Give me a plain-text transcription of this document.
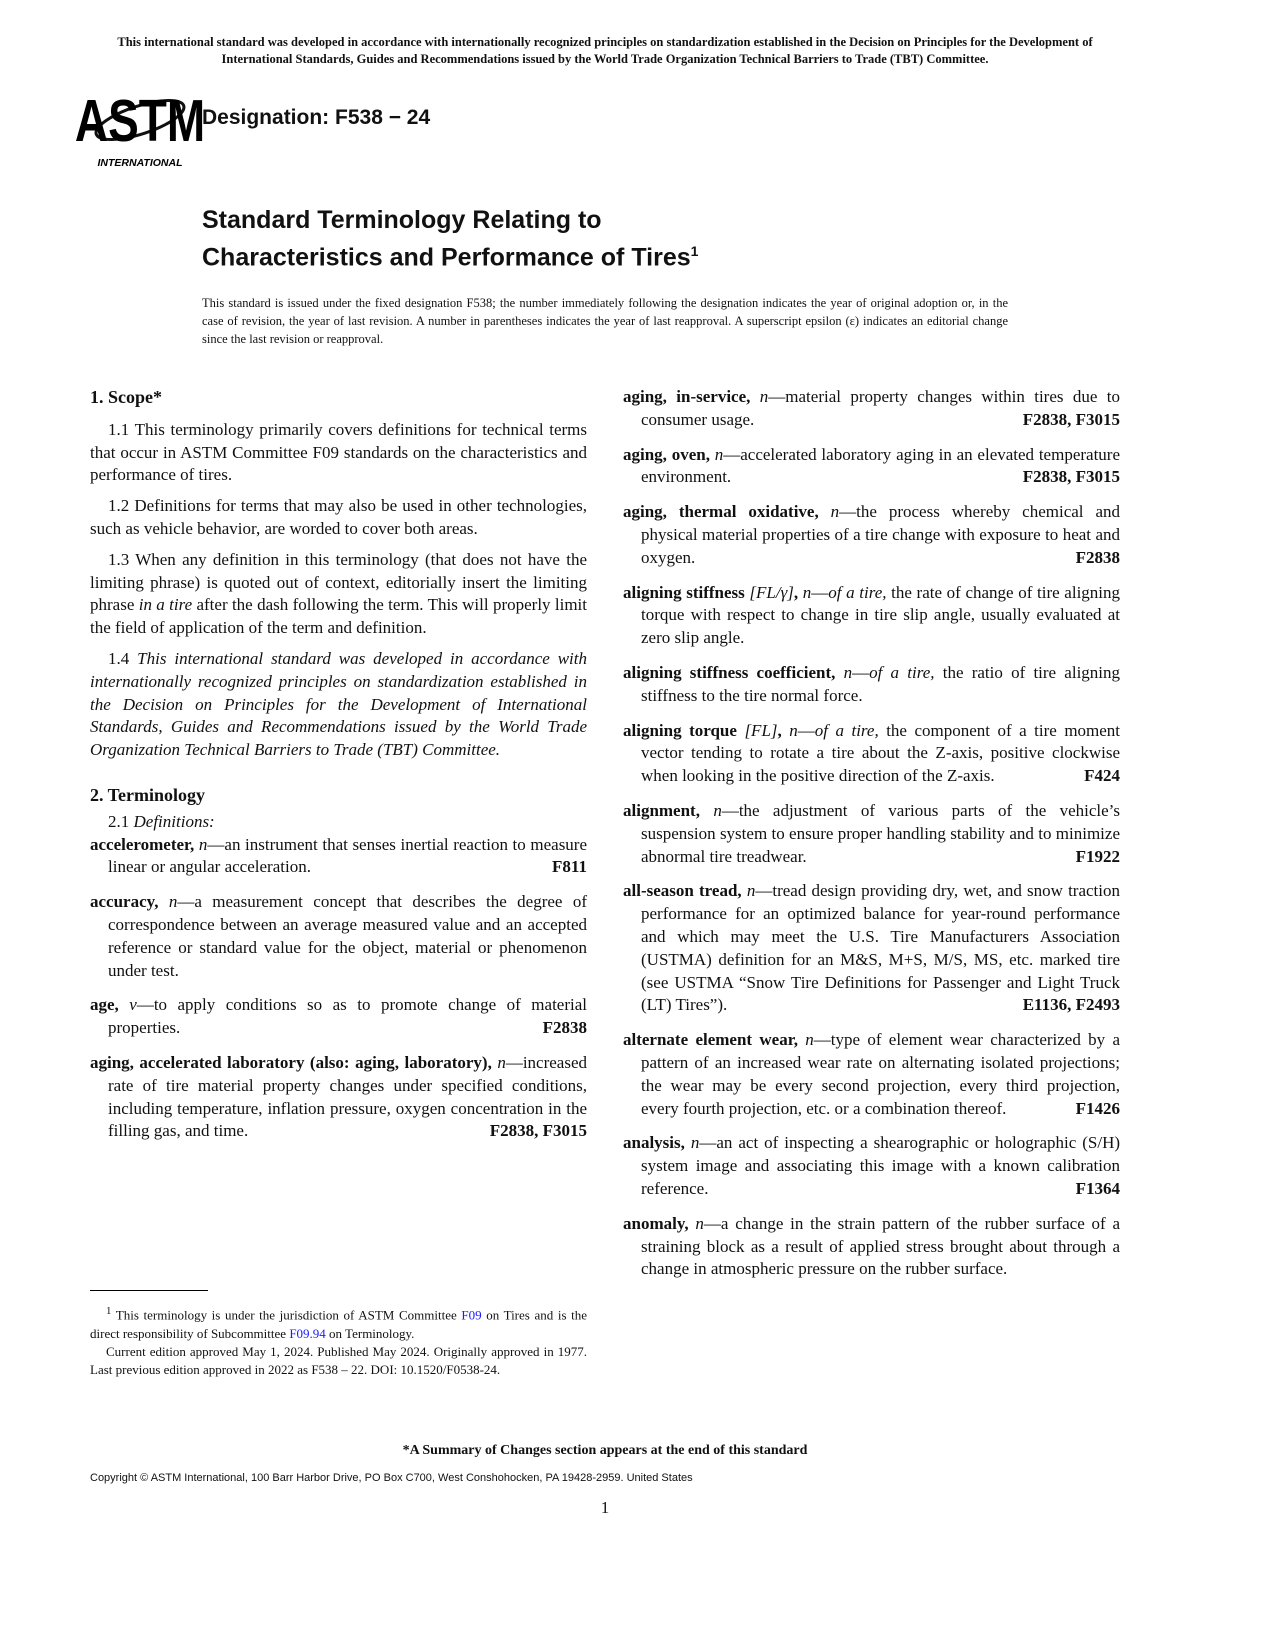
This international standard was developed in accordance with internationally recognized principles on standardization established in the Decision on Principles for the Development of International Standards, Guides and Recommendations issued by the World Trade Organization Technical Barriers to Trade (TBT) Committee.
ASTM
INTERNATIONAL
Designation: F538 − 24
Standard Terminology Relating to
Characteristics and Performance of Tires$^1$
This standard is issued under the fixed designation F538; the number immediately following the designation indicates the year of original adoption or, in the case of revision, the year of last revision. A number in parentheses indicates the year of last reapproval. A superscript epsilon (ε) indicates an editorial change since the last revision or reapproval.
1. Scope*

1.1 This terminology primarily covers definitions for technical terms that occur in ASTM Committee F09 standards on the characteristics and performance of tires.

1.2 Definitions for terms that may also be used in other technologies, such as vehicle behavior, are worded to cover both areas.

1.3 When any definition in this terminology (that does not have the limiting phrase) is quoted out of context, editorially insert the limiting phrase in a tire after the dash following the term. This will properly limit the field of application of the term and definition.

1.4 This international standard was developed in accordance with internationally recognized principles on standardization established in the Decision on Principles for the Development of International Standards, Guides and Recommendations issued by the World Trade Organization Technical Barriers to Trade (TBT) Committee.

2. Terminology

2.1 Definitions:

accelerometer, n—an instrument that senses inertial reaction to measure linear or angular acceleration.	F811

accuracy, n—a measurement concept that describes the degree of correspondence between an average measured value and an accepted reference or standard value for the object, material or phenomenon under test.

age, v—to apply conditions so as to promote change of material properties.	F2838

aging, accelerated laboratory (also: aging, laboratory), n—increased rate of tire material property changes under specified conditions, including temperature, inflation pressure, oxygen concentration in the filling gas, and time.	F2838, F3015

aging, in-service, n—material property changes within tires due to consumer usage.	F2838, F3015

aging, oven, n—accelerated laboratory aging in an elevated temperature environment.	F2838, F3015

aging, thermal oxidative, n—the process whereby chemical and physical material properties of a tire change with exposure to heat and oxygen.	F2838

aligning stiffness [FL/γ], n—of a tire, the rate of change of tire aligning torque with respect to change in tire slip angle, usually evaluated at zero slip angle.

aligning stiffness coefficient, n—of a tire, the ratio of tire aligning stiffness to the tire normal force.

aligning torque [FL], n—of a tire, the component of a tire moment vector tending to rotate a tire about the Z-axis, positive clockwise when looking in the positive direction of the Z-axis.	F424

alignment, n—the adjustment of various parts of the vehicle’s suspension system to ensure proper handling stability and to minimize abnormal tire treadwear.	F1922

all-season tread, n—tread design providing dry, wet, and snow traction performance for an optimized balance for year-round performance and which may meet the U.S. Tire Manufacturers Association (USTMA) definition for an M&S, M+S, M/S, MS, etc. marked tire (see USTMA “Snow Tire Definitions for Passenger and Light Truck (LT) Tires”).	E1136, F2493

alternate element wear, n—type of element wear characterized by a pattern of an increased wear rate on alternating isolated projections; the wear may be every second projection, every third projection, every fourth projection, etc. or a combination thereof.	F1426

analysis, n—an act of inspecting a shearographic or holographic (S/H) system image and associating this image with a known calibration reference.	F1364

anomaly, n—a change in the strain pattern of the rubber surface of a straining block as a result of applied stress brought about through a change in atmospheric pressure on the rubber surface.

$^1$ This terminology is under the jurisdiction of ASTM Committee F09 on Tires and is the direct responsibility of Subcommittee F09.94 on Terminology.

Current edition approved May 1, 2024. Published May 2024. Originally approved in 1977. Last previous edition approved in 2022 as F538 – 22. DOI: 10.1520/F0538-24.

*A Summary of Changes section appears at the end of this standard
Copyright © ASTM International, 100 Barr Harbor Drive, PO Box C700, West Conshohocken, PA 19428-2959. United States
1
